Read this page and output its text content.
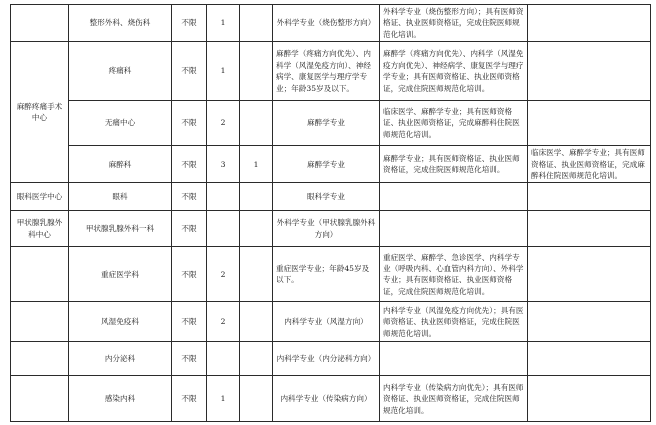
	整形外科、烧伤科	不限	1		外科学专业（烧伤整形方向）	外科学专业（烧伤整形方向）；具有医师资格证、执业医师资格证，完成住院医师规范化培训。	
麻醉疼痛手术中心	疼痛科	不限	1		麻醉学（疼痛方向优先）、内科学（风湿免疫方向）、神经病学、康复医学与理疗学专业；年龄35岁及以下。	麻醉学（疼痛方向优先）、内科学（风湿免疫方向优先）、神经病学、康复医学与理疗学专业；具有医师资格证、执业医师资格证，完成住院医师规范化培训。	
	无痛中心	不限	2		麻醉学专业	临床医学、麻醉学专业；具有医师资格证、执业医师资格证，完成麻醉科住院医师规范化培训。	
	麻醉科	不限	3	1	麻醉学专业	麻醉学专业；具有医师资格证、执业医师资格证，完成住院医师规范化培训。	临床医学、麻醉学专业；具有医师资格证、执业医师资格证，完成麻醉科住院医师规范化培训。
眼科医学中心	眼科	不限			眼科学专业		
甲状腺乳腺外科中心	甲状腺乳腺外科一科	不限			外科学专业（甲状腺乳腺外科方向）		
	重症医学科	不限	2		重症医学专业；年龄45岁及以下。	重症医学、麻醉学、急诊医学、内科学专业（呼吸内科、心血管内科方向）、外科学专业；具有医师资格证、执业医师资格证，完成住院医师规范化培训。	
	风湿免疫科	不限	2		内科学专业（风湿方向）	内科学专业（风湿免疫方向优先）；具有医师资格证、执业医师资格证，完成住院医师规范化培训。	
	内分泌科	不限			内科学专业（内分泌科方向）		
	感染内科	不限	1		内科学专业（传染病方向）	内科学专业（传染病方向优先）；具有医师资格证、执业医师资格证，完成住院医师规范化培训。	
